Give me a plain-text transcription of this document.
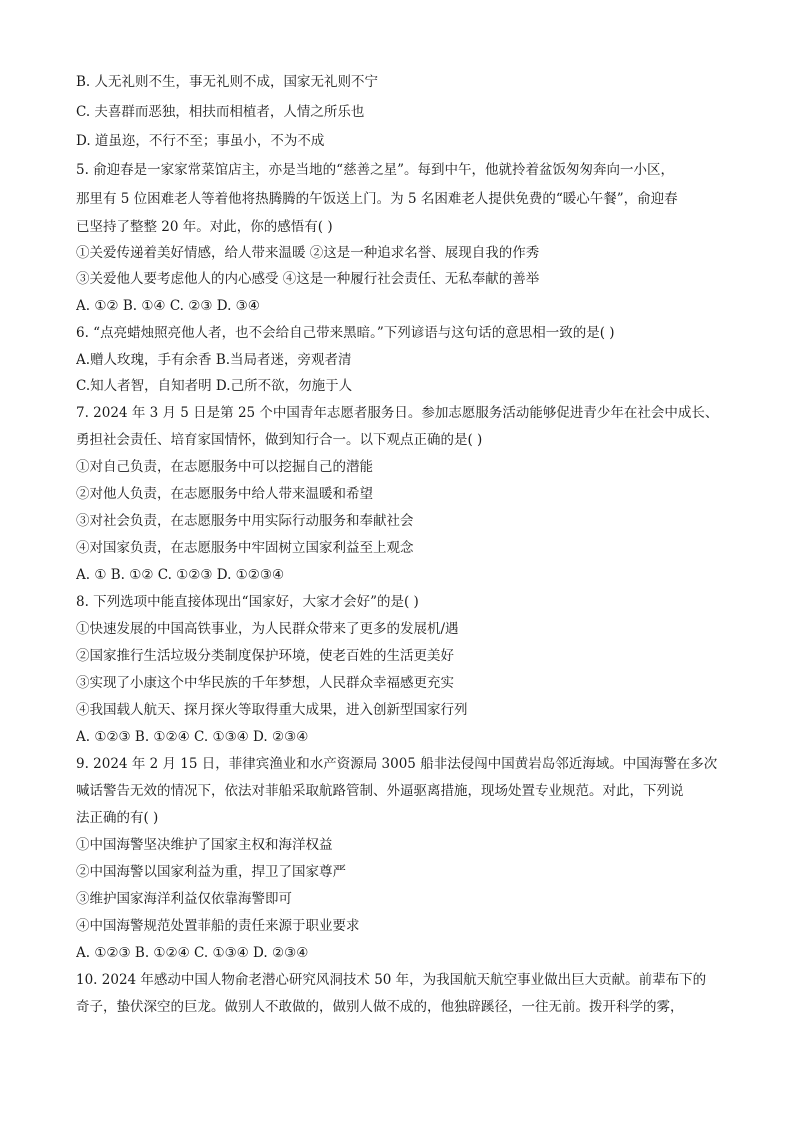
B. 人无礼则不生，事无礼则不成，国家无礼则不宁
C. 夫喜群而恶独，相扶而相植者，人情之所乐也
D. 道虽迩，不行不至；事虽小，不为不成
5. 俞迎春是一家家常菜馆店主，亦是当地的“慈善之星”。每到中午，他就拎着盆饭匆匆奔向一小区，
那里有 5 位困难老人等着他将热腾腾的午饭送上门。为 5 名困难老人提供免费的“暖心午餐”，俞迎春
已坚持了整整 20 年。对此，你的感悟有( )
①关爱传递着美好情感，给人带来温暖 ②这是一种追求名誉、展现自我的作秀
③关爱他人要考虑他人的内心感受 ④这是一种履行社会责任、无私奉献的善举
A. ①② B. ①④ C. ②③ D. ③④
6. “点亮蜡烛照亮他人者，也不会给自己带来黑暗。”下列谚语与这句话的意思相一致的是( )
A.赠人玫瑰，手有余香 B.当局者迷，旁观者清
C.知人者智，自知者明 D.己所不欲，勿施于人
7. 2024 年 3 月 5 日是第 25 个中国青年志愿者服务日。参加志愿服务活动能够促进青少年在社会中成长、
勇担社会责任、培育家国情怀，做到知行合一。以下观点正确的是( )
①对自己负责，在志愿服务中可以挖掘自己的潜能
②对他人负责，在志愿服务中给人带来温暖和希望
③对社会负责，在志愿服务中用实际行动服务和奉献社会
④对国家负责，在志愿服务中牢固树立国家利益至上观念
A. ① B. ①② C. ①②③ D. ①②③④
8. 下列选项中能直接体现出“国家好，大家才会好”的是( )
①快速发展的中国高铁事业，为人民群众带来了更多的发展机/遇
②国家推行生活垃圾分类制度保护环境，使老百姓的生活更美好
③实现了小康这个中华民族的千年梦想，人民群众幸福感更充实
④我国载人航天、探月探火等取得重大成果，进入创新型国家行列
A. ①②③ B. ①②④ C. ①③④ D. ②③④
9. 2024 年 2 月 15 日，菲律宾渔业和水产资源局 3005 船非法侵闯中国黄岩岛邻近海域。中国海警在多次
喊话警告无效的情况下，依法对菲船采取航路管制、外逼驱离措施，现场处置专业规范。对此，下列说
法正确的有( )
①中国海警坚决维护了国家主权和海洋权益
②中国海警以国家利益为重，捍卫了国家尊严
③维护国家海洋利益仅依靠海警即可
④中国海警规范处置菲船的责任来源于职业要求
A. ①②③ B. ①②④ C. ①③④ D. ②③④
10. 2024 年感动中国人物俞老潜心研究风洞技术 50 年，为我国航天航空事业做出巨大贡献。前辈布下的
奇子，蛰伏深空的巨龙。做别人不敢做的，做别人做不成的，他独辟蹊径，一往无前。拨开科学的雾，
